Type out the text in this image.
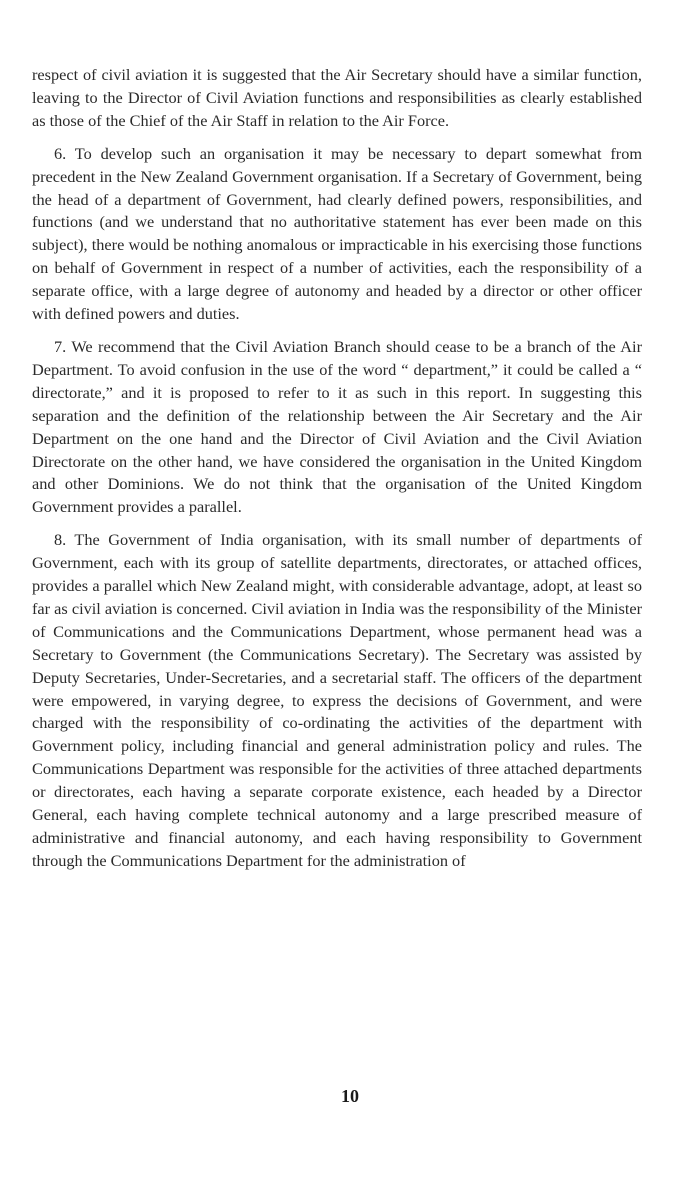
respect of civil aviation it is suggested that the Air Secretary should have a similar function, leaving to the Director of Civil Aviation functions and responsibilities as clearly established as those of the Chief of the Air Staff in relation to the Air Force.

6. To develop such an organisation it may be necessary to depart somewhat from precedent in the New Zealand Government organisation. If a Secretary of Government, being the head of a department of Government, had clearly defined powers, responsibilities, and functions (and we understand that no authoritative statement has ever been made on this subject), there would be nothing anomalous or impracticable in his exercising those functions on behalf of Government in respect of a number of activities, each the responsibility of a separate office, with a large degree of autonomy and headed by a director or other officer with defined powers and duties.

7. We recommend that the Civil Aviation Branch should cease to be a branch of the Air Department. To avoid confusion in the use of the word “ department,” it could be called a “ directorate,” and it is proposed to refer to it as such in this report. In suggesting this separation and the definition of the relationship between the Air Secretary and the Air Department on the one hand and the Director of Civil Aviation and the Civil Aviation Directorate on the other hand, we have considered the organisation in the United Kingdom and other Dominions. We do not think that the organisation of the United Kingdom Government provides a parallel.

8. The Government of India organisation, with its small number of departments of Government, each with its group of satellite departments, directorates, or attached offices, provides a parallel which New Zealand might, with considerable advantage, adopt, at least so far as civil aviation is concerned. Civil aviation in India was the responsibility of the Minister of Communications and the Communications Department, whose permanent head was a Secretary to Government (the Communications Secretary). The Secretary was assisted by Deputy Secretaries, Under-Secretaries, and a secretarial staff. The officers of the department were empowered, in varying degree, to express the decisions of Government, and were charged with the responsibility of co-ordinating the activities of the department with Government policy, including financial and general administration policy and rules. The Communications Department was responsible for the activities of three attached departments or directorates, each having a separate corporate existence, each headed by a Director General, each having complete technical autonomy and a large prescribed measure of administrative and financial autonomy, and each having responsibility to Government through the Communications Department for the administration of

10
